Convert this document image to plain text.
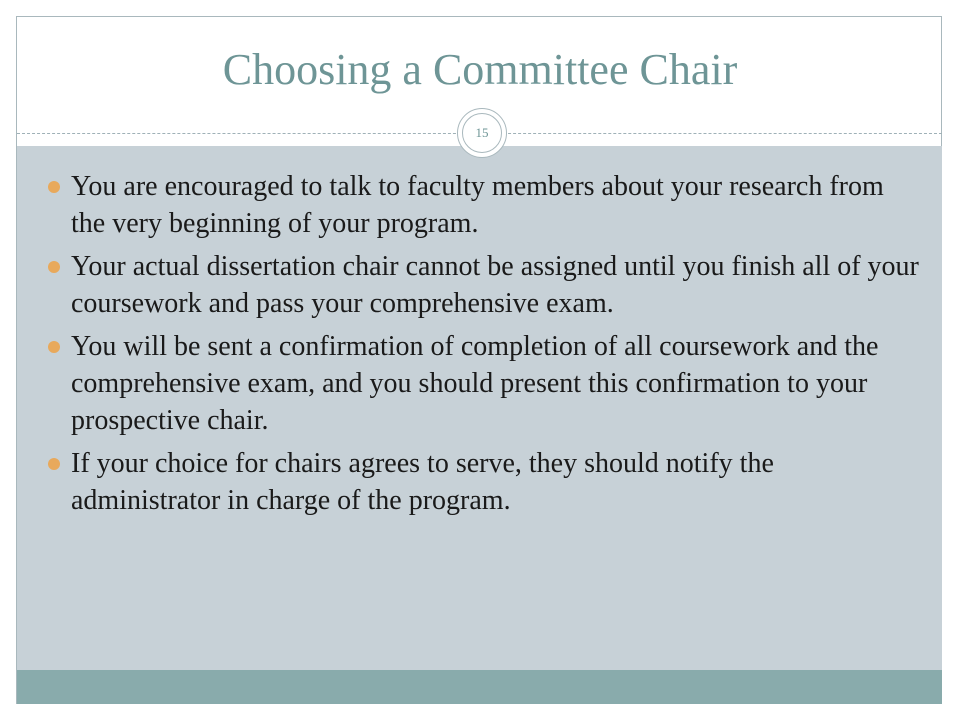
Choosing a Committee Chair
15
You are encouraged to talk to faculty members about your research from the very beginning of your program.
Your actual dissertation chair cannot be assigned until you finish all of your coursework and pass your comprehensive exam.
You will be sent a confirmation of completion of all coursework and the comprehensive exam, and you should present this confirmation to your prospective chair.
If your choice for chairs agrees to serve, they should notify the administrator in charge of the program.
